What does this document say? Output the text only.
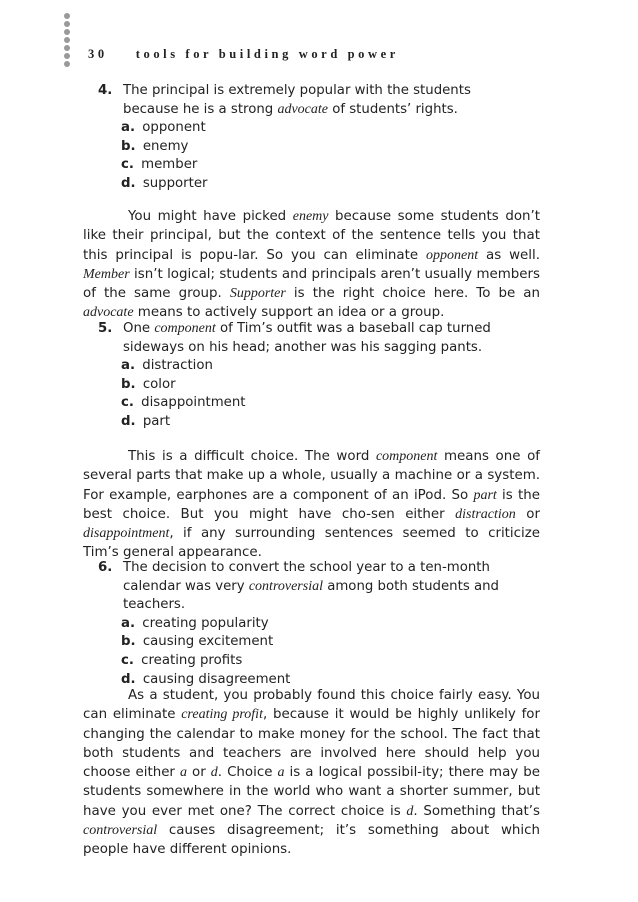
30 tools for building word power
4. The principal is extremely popular with the students because he is a strong advocate of students’ rights.
a. opponent
b. enemy
c. member
d. supporter
You might have picked enemy because some students don’t like their principal, but the context of the sentence tells you that this principal is popu-lar. So you can eliminate opponent as well. Member isn’t logical; students and principals aren’t usually members of the same group. Supporter is the right choice here. To be an advocate means to actively support an idea or a group.
5. One component of Tim’s outfit was a baseball cap turned sideways on his head; another was his sagging pants.
a. distraction
b. color
c. disappointment
d. part
This is a difficult choice. The word component means one of several parts that make up a whole, usually a machine or a system. For example, earphones are a component of an iPod. So part is the best choice. But you might have cho-sen either distraction or disappointment, if any surrounding sentences seemed to criticize Tim’s general appearance.
6. The decision to convert the school year to a ten-month calendar was very controversial among both students and teachers.
a. creating popularity
b. causing excitement
c. creating profits
d. causing disagreement
As a student, you probably found this choice fairly easy. You can eliminate creating profit, because it would be highly unlikely for changing the calendar to make money for the school. The fact that both students and teachers are involved here should help you choose either a or d. Choice a is a logical possibil-ity; there may be students somewhere in the world who want a shorter summer, but have you ever met one? The correct choice is d. Something that’s controversial causes disagreement; it’s something about which people have different opinions.
